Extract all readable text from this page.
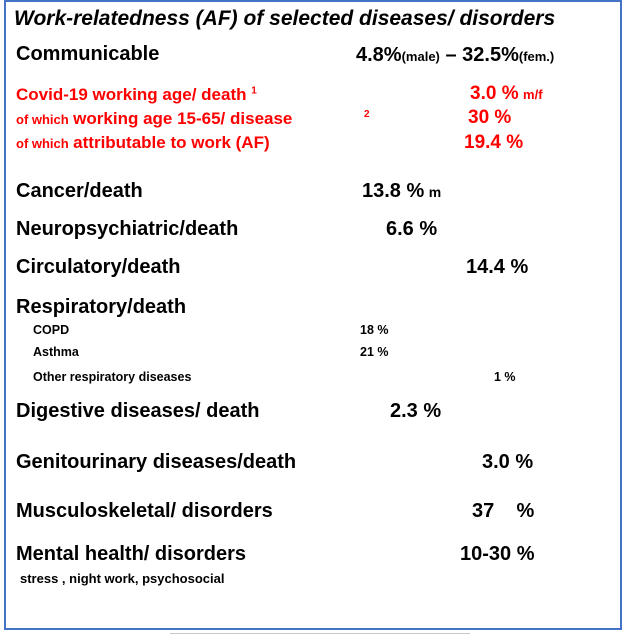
Work-relatedness (AF) of selected diseases/ disorders
Communicable	4.8%(male) – 32.5%(fem.)
Covid-19 working age/ death $^1$	3.0 % m/f
of which working age 15-65/ disease	2	30 %
of which attributable to work (AF)	19.4 %
Cancer/death	13.8 % m
Neuropsychiatric/death	6.6 %
Circulatory/death	14.4 %
Respiratory/death
COPD	18 %
Asthma	21 %
Other respiratory diseases	1 %
Digestive diseases/ death	2.3 %
Genitourinary diseases/death	3.0 %
Musculoskeletal/ disorders	37    %
Mental health/ disorders	10-30 %
stress , night work, psychosocial
